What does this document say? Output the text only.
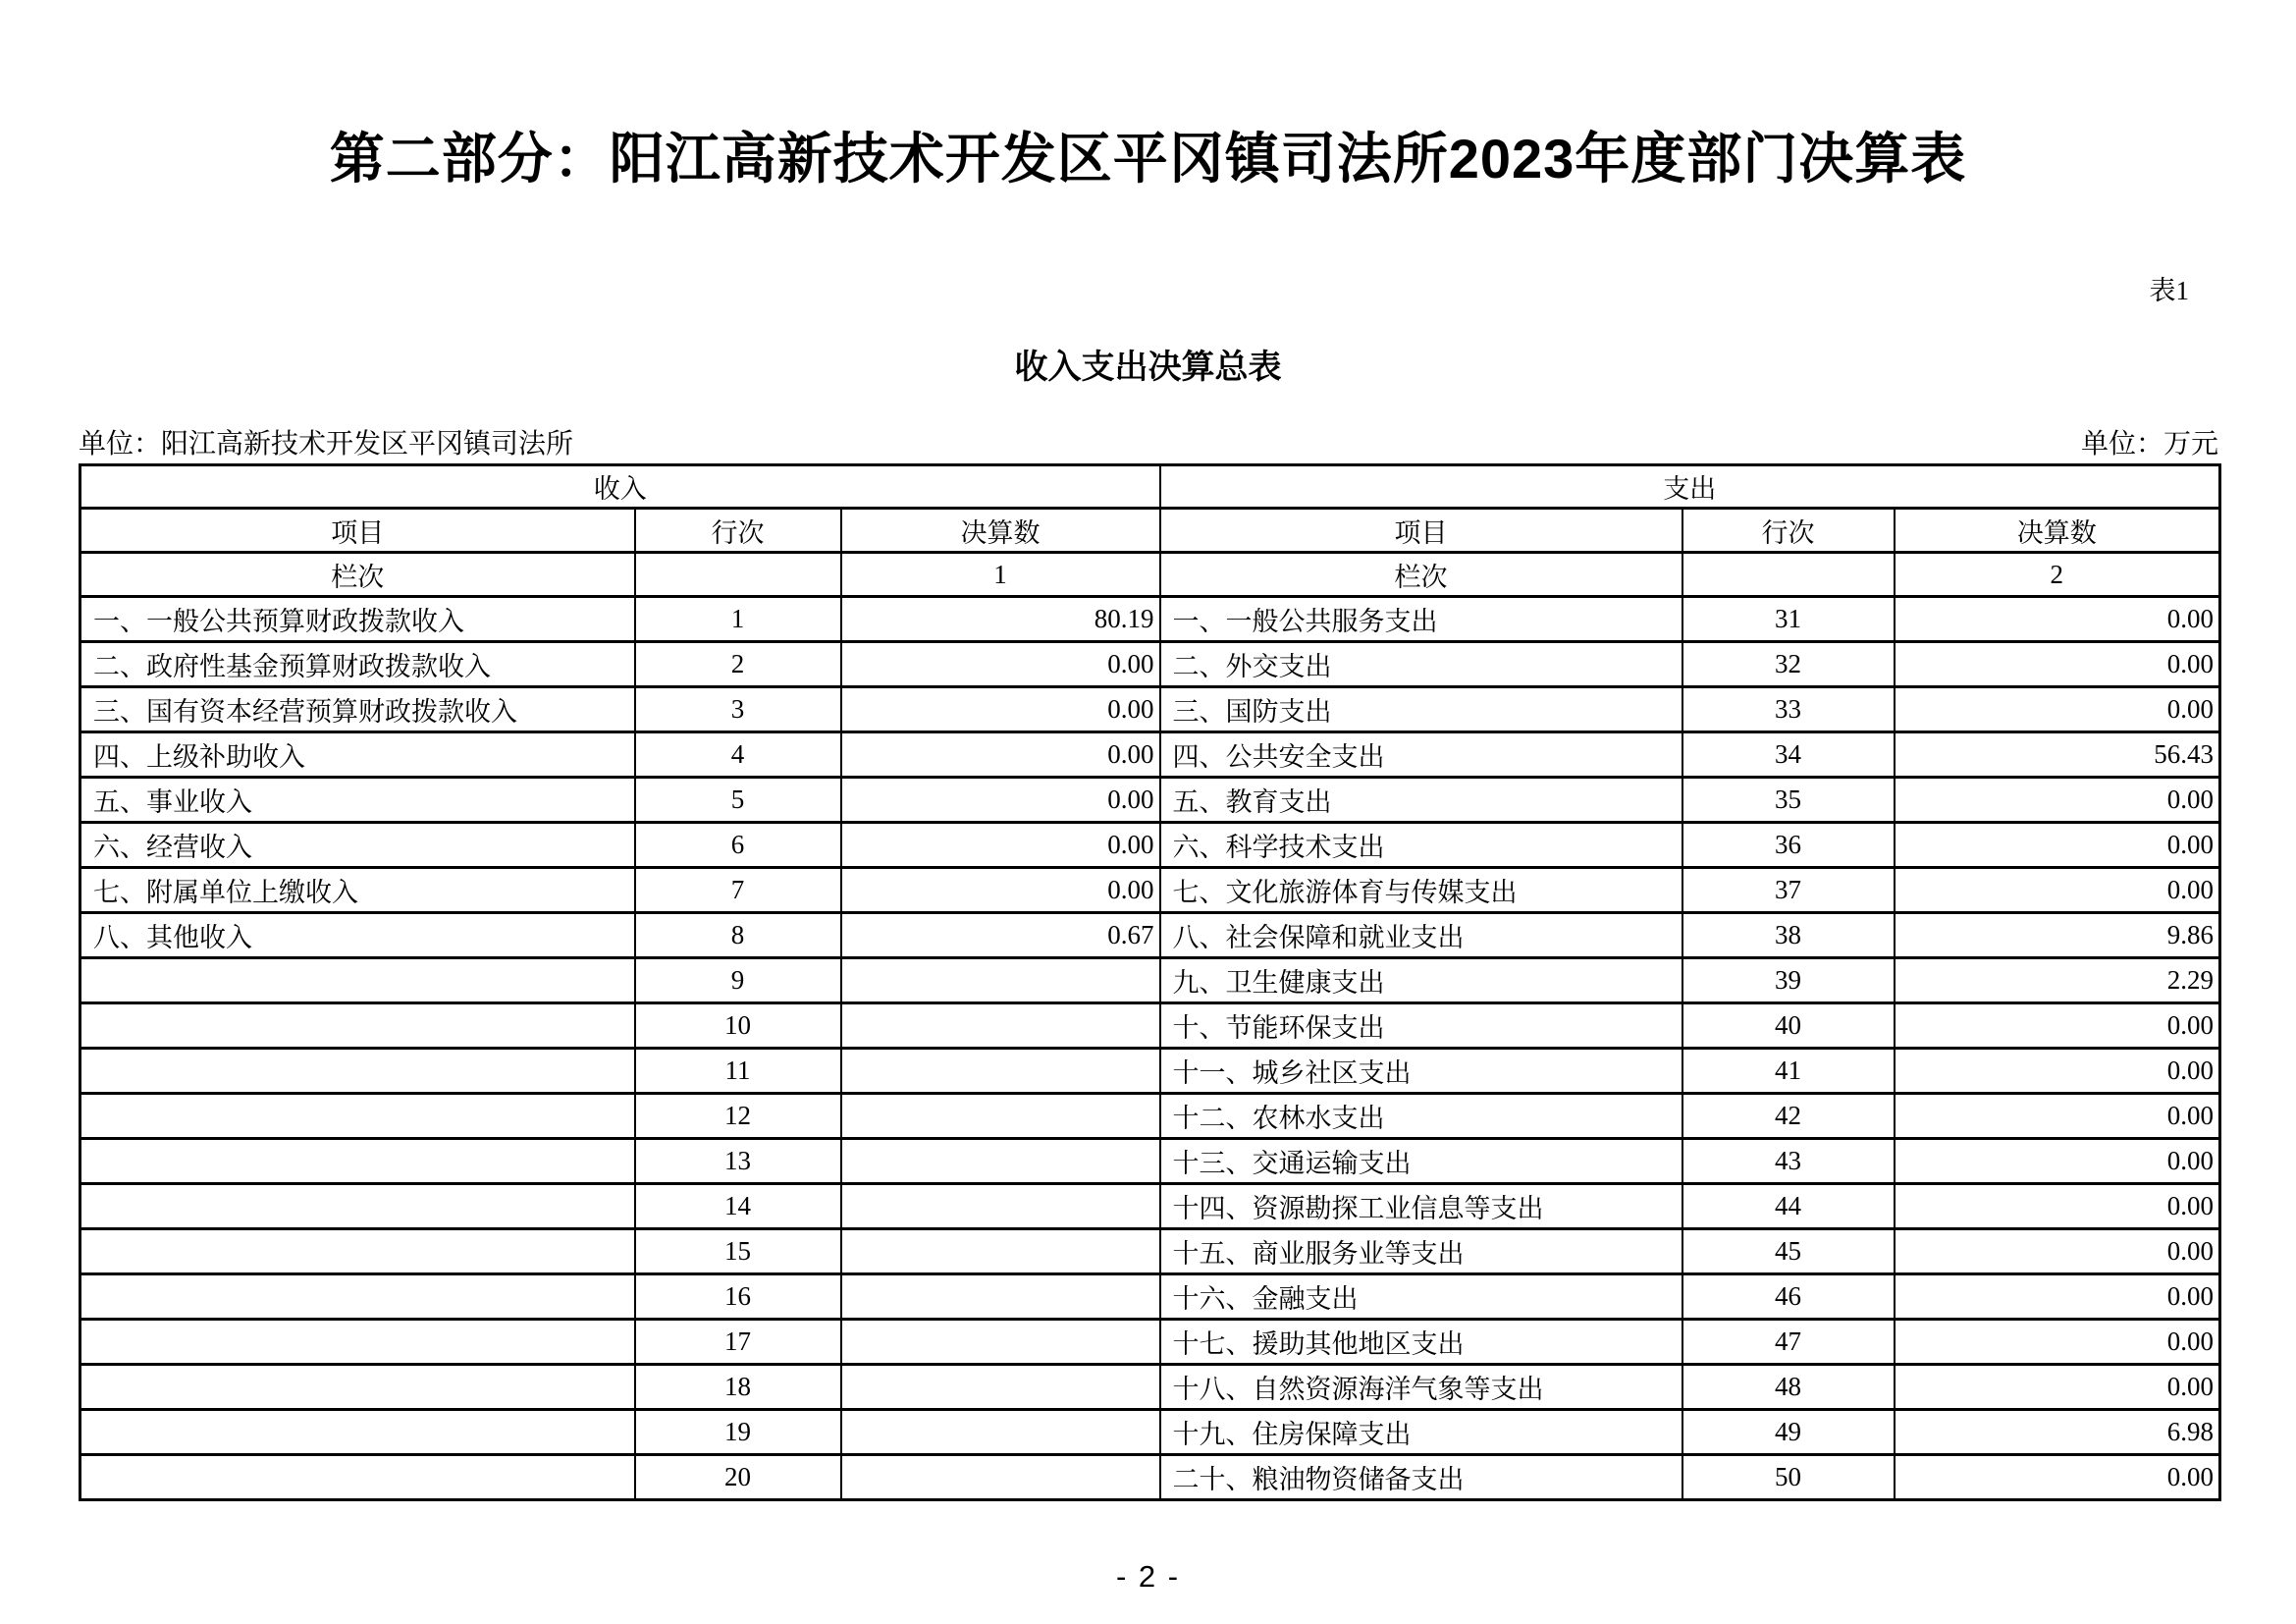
第二部分：阳江高新技术开发区平冈镇司法所2023年度部门决算表
表1
收入支出决算总表
单位：阳江高新技术开发区平冈镇司法所	单位：万元
收入			支出		
项目	行次	决算数	项目	行次	决算数
栏次		1	栏次		2
一、一般公共预算财政拨款收入	1	80.19	一、一般公共服务支出	31	0.00
二、政府性基金预算财政拨款收入	2	0.00	二、外交支出	32	0.00
三、国有资本经营预算财政拨款收入	3	0.00	三、国防支出	33	0.00
四、上级补助收入	4	0.00	四、公共安全支出	34	56.43
五、事业收入	5	0.00	五、教育支出	35	0.00
六、经营收入	6	0.00	六、科学技术支出	36	0.00
七、附属单位上缴收入	7	0.00	七、文化旅游体育与传媒支出	37	0.00
八、其他收入	8	0.67	八、社会保障和就业支出	38	9.86
	9		九、卫生健康支出	39	2.29
	10		十、节能环保支出	40	0.00
	11		十一、城乡社区支出	41	0.00
	12		十二、农林水支出	42	0.00
	13		十三、交通运输支出	43	0.00
	14		十四、资源勘探工业信息等支出	44	0.00
	15		十五、商业服务业等支出	45	0.00
	16		十六、金融支出	46	0.00
	17		十七、援助其他地区支出	47	0.00
	18		十八、自然资源海洋气象等支出	48	0.00
	19		十九、住房保障支出	49	6.98
	20		二十、粮油物资储备支出	50	0.00
- 2 -
